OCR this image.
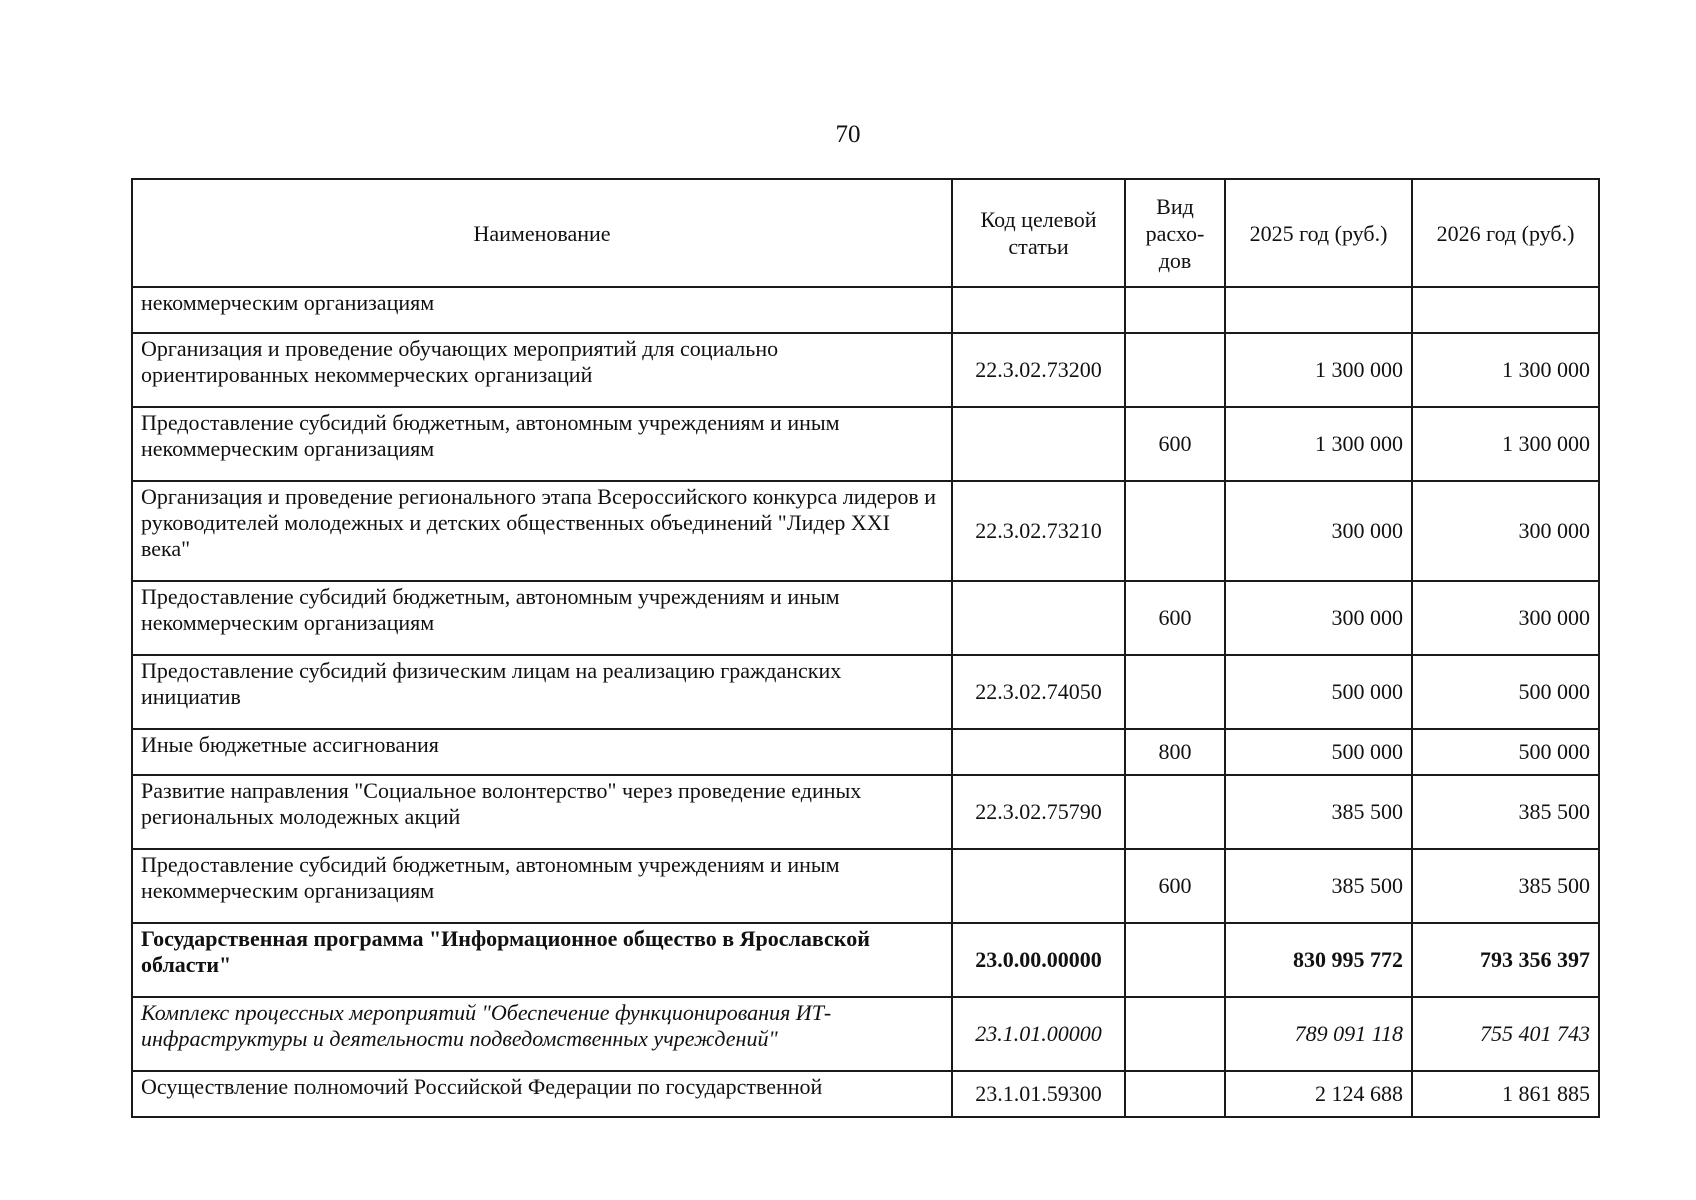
70
Наименование	Код целевой статьи	Вид расхо-дов	2025 год (руб.)	2026 год (руб.)
некоммерческим организациям				
Организация и проведение обучающих мероприятий для социально ориентированных некоммерческих организаций	22.3.02.73200		1 300 000	1 300 000
Предоставление субсидий бюджетным, автономным учреждениям и иным некоммерческим организациям		600	1 300 000	1 300 000
Организация и проведение регионального этапа Всероссийского конкурса лидеров и руководителей молодежных и детских общественных объединений "Лидер XXI века"	22.3.02.73210		300 000	300 000
Предоставление субсидий бюджетным, автономным учреждениям и иным некоммерческим организациям		600	300 000	300 000
Предоставление субсидий физическим лицам на реализацию гражданских инициатив	22.3.02.74050		500 000	500 000
Иные бюджетные ассигнования		800	500 000	500 000
Развитие направления "Социальное волонтерство" через проведение единых региональных молодежных акций	22.3.02.75790		385 500	385 500
Предоставление субсидий бюджетным, автономным учреждениям и иным некоммерческим организациям		600	385 500	385 500
Государственная программа "Информационное общество в Ярославской области"	23.0.00.00000		830 995 772	793 356 397
Комплекс процессных мероприятий "Обеспечение функционирования ИТ-инфраструктуры и деятельности подведомственных учреждений"	23.1.01.00000		789 091 118	755 401 743
Осуществление полномочий Российской Федерации по государственной	23.1.01.59300		2 124 688	1 861 885
